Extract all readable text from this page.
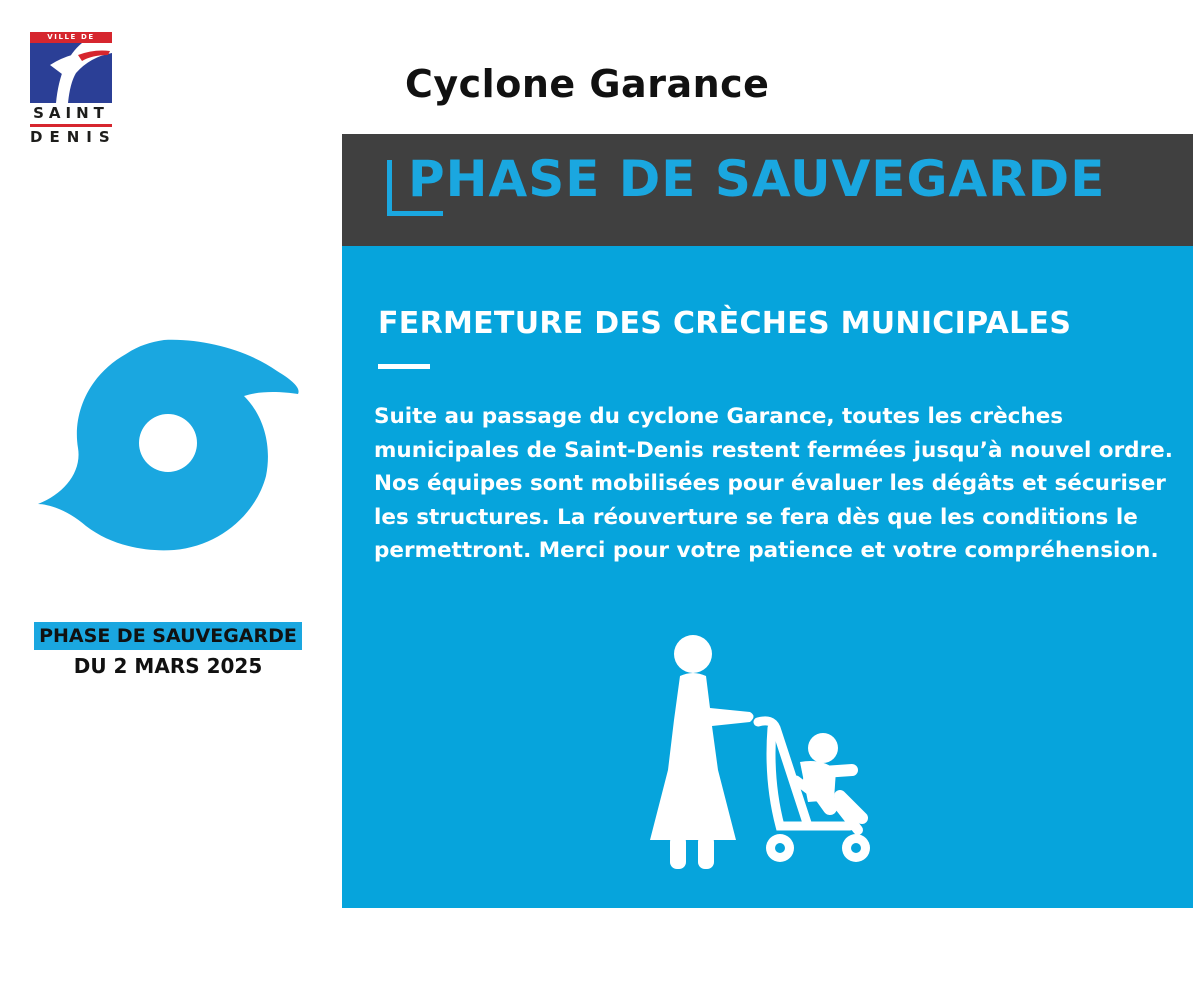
VILLE DE
SAINT
DENIS
Cyclone Garance
PHASE DE SAUVEGARDE
FERMETURE DES CRÈCHES MUNICIPALES
Suite au passage du cyclone Garance, toutes les crèches municipales de Saint-Denis restent fermées jusqu’à nouvel ordre. Nos équipes sont mobilisées pour évaluer les dégâts et sécuriser les structures. La réouverture se fera dès que les conditions le permettront. Merci pour votre patience et votre compréhension.
PHASE DE SAUVEGARDE
DU 2 MARS 2025
